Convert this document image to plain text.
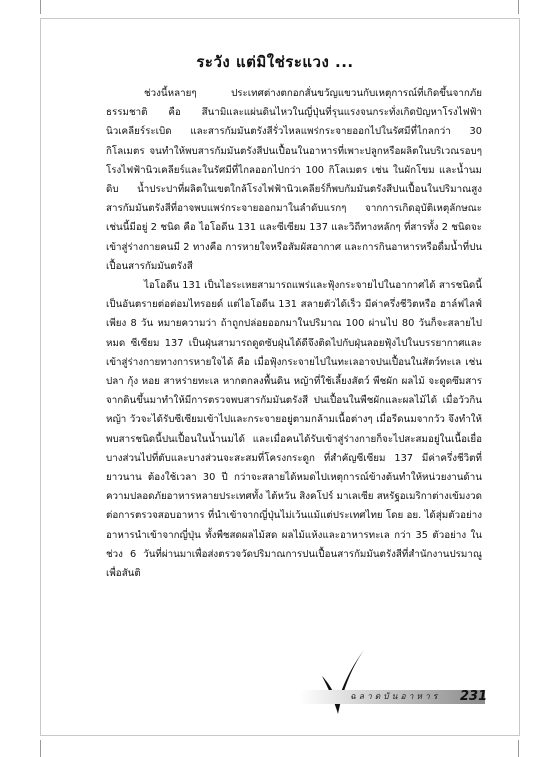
ระวัง แต่มิใช่ระแวง ...

ช่วงนี้หลายๆ ประเทศต่างตกอกสั่นขวัญแขวนกับเหตุการณ์ที่เกิดขึ้นจากภัยธรรมชาติ คือ สึนามิและแผ่นดินไหวในญี่ปุ่นที่รุนแรงจนกระทั่งเกิดปัญหาโรงไฟฟ้านิวเคลียร์ระเบิด และสารกัมมันตรังสีรั่วไหลแพร่กระจายออกไปในรัศมีที่ไกลกว่า 30 กิโลเมตร จนทำให้พบสารกัมมันตรังสีปนเปื้อนในอาหารที่เพาะปลูกหรือผลิตในบริเวณรอบๆ โรงไฟฟ้านิวเคลียร์และในรัศมีที่ไกลออกไปกว่า 100 กิโลเมตร เช่น ในผักโขม และน้ำนมดิบ น้ำประปาที่ผลิตในเขตใกล้โรงไฟฟ้านิวเคลียร์ก็พบกัมมันตรังสีปนเปื้อนในปริมาณสูง สารกัมมันตรังสีที่อาจพบแพร่กระจายออกมาในลำดับแรกๆ จากการเกิดอุบัติเหตุลักษณะเช่นนี้มีอยู่ 2 ชนิด คือ ไอโอดีน 131 และซีเซียม 137 และวิถีทางหลักๆ ที่สารทั้ง 2 ชนิดจะเข้าสู่ร่างกายคนมี 2 ทางคือ การหายใจหรือสัมผัสอากาศ และการกินอาหารหรือดื่มน้ำที่ปนเปื้อนสารกัมมันตรังสี

ไอโอดีน 131 เป็นไอระเหยสามารถแพร่และฟุ้งกระจายไปในอากาศได้ สารชนิดนี้เป็นอันตรายต่อต่อมไทรอยด์ แต่ไอโอดีน 131 สลายตัวได้เร็ว มีค่าครึ่งชีวิตหรือ ฮาล์ฟไลฟ์เพียง 8 วัน หมายความว่า ถ้าถูกปล่อยออกมาในปริมาณ 100 ผ่านไป 80 วันก็จะสลายไปหมด ซีเซียม 137 เป็นฝุ่นสามารถดูดซับฝุ่นได้ดีจึงติดไปกับฝุ่นลอยฟุ้งไปในบรรยากาศและเข้าสู่ร่างกายทางการหายใจได้ คือ เมื่อฟุ้งกระจายไปในทะเลอาจปนเปื้อนในสัตว์ทะเล เช่น ปลา กุ้ง หอย สาหร่ายทะเล หากตกลงพื้นดิน หญ้าที่ใช้เลี้ยงสัตว์ พืชผัก ผลไม้ จะดูดซึมสารจากดินขึ้นมาทำให้มีการตรวจพบสารกัมมันตรังสี ปนเปื้อนในพืชผักและผลไม้ได้ เมื่อวัวกินหญ้า วัวจะได้รับซีเซียมเข้าไปและกระจายอยู่ตามกล้ามเนื้อต่างๆ เมื่อรีดนมจากวัว จึงทำให้พบสารชนิดนี้ปนเปื้อนในน้ำนมได้ และเมื่อคนได้รับเข้าสู่ร่างกายก็จะไปสะสมอยู่ในเนื้อเยื่อ บางส่วนไปที่ตับและบางส่วนจะสะสมที่โครงกระดูก ที่สำคัญซีเซียม 137 มีค่าครึ่งชีวิตที่ยาวนาน ต้องใช้เวลา 30 ปี กว่าจะสลายได้หมดไปเหตุการณ์ข้างต้นทำให้หน่วยงานด้านความปลอดภัยอาหารหลายประเทศทั้ง ไต้หวัน สิงคโปร์ มาเลเซีย สหรัฐอเมริกาต่างเข้มงวดต่อการตรวจสอบอาหาร ที่นำเข้าจากญี่ปุ่นไม่เว้นแม้แต่ประเทศไทย โดย อย. ได้สุ่มตัวอย่างอาหารนำเข้าจากญี่ปุ่น ทั้งพืชสดผลไม้สด ผลไม้แห้งและอาหารทะเล กว่า 35 ตัวอย่าง ในช่วง 6 วันที่ผ่านมาเพื่อส่งตรวจวัดปริมาณการปนเปื้อนสารกัมมันตรังสีที่สำนักงานปรมาณูเพื่อสันติ

ฉลาดบันอาหาร 231
